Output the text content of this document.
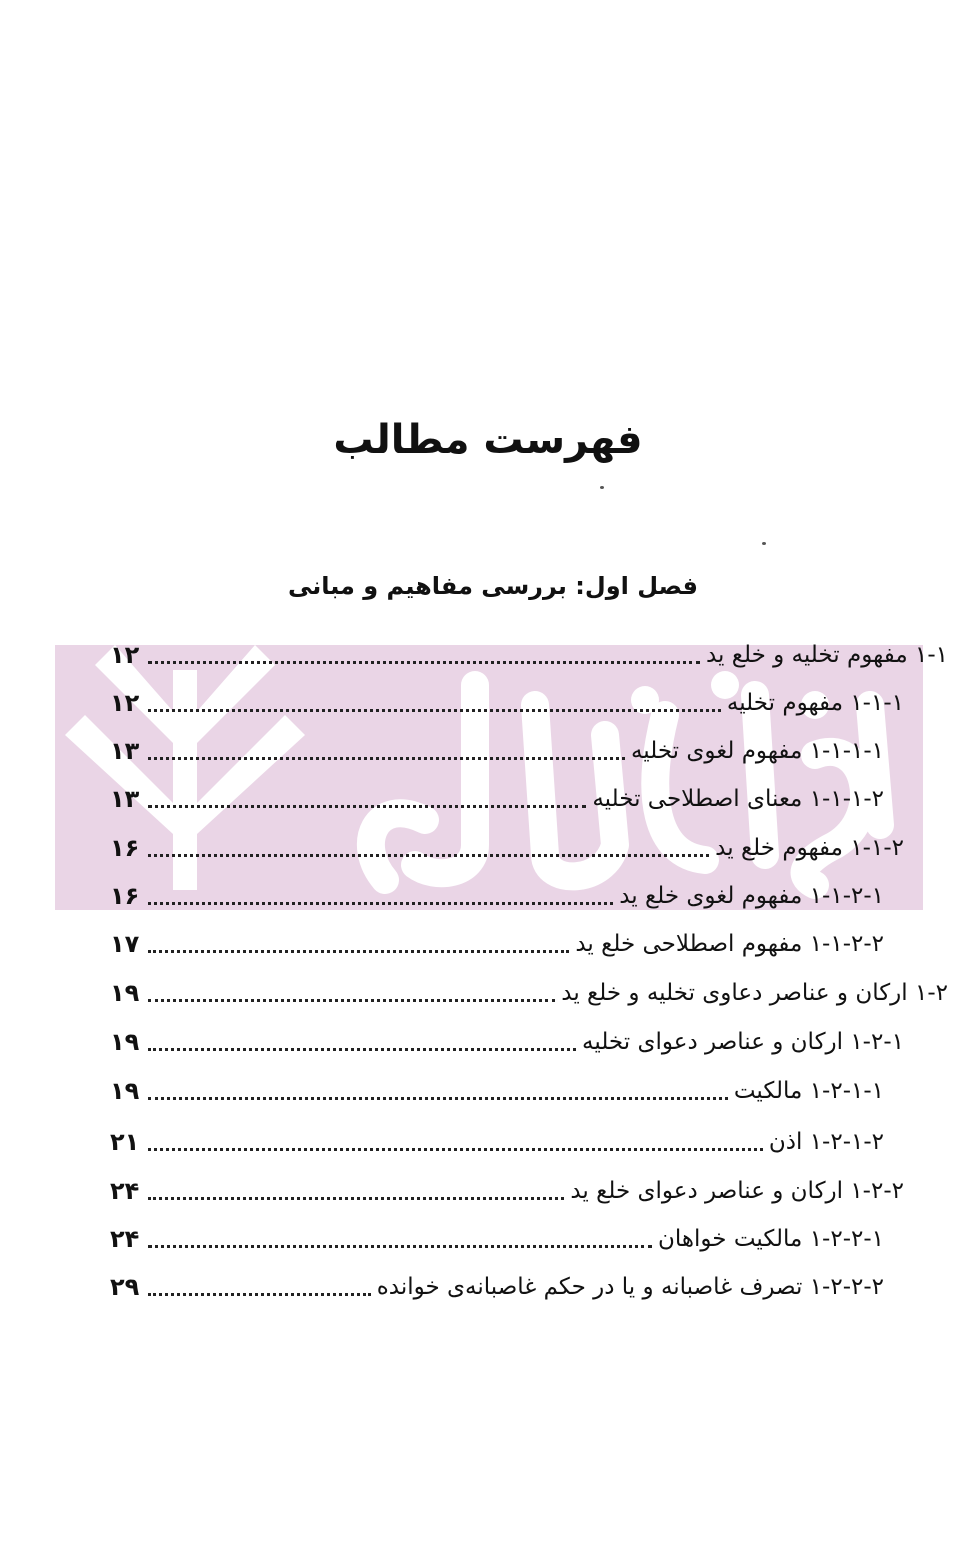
فهرست مطالب
فصل اول: بررسی مفاهیم و مبانی
۱۲	۱-۱ مفهوم تخلیه و خلع ید
۱۲	۱-۱-۱ مفهوم تخلیه
۱۳	۱-۱-۱-۱ مفهوم لغوی تخلیه
۱۳	۱-۱-۱-۲ معنای اصطلاحی تخلیه
۱۶	۱-۱-۲ مفهوم خلع ید
۱۶	۱-۱-۲-۱ مفهوم لغوی خلع ید
۱۷	۱-۱-۲-۲ مفهوم اصطلاحی خلع ید
۱۹	۱-۲ ارکان و عناصر دعاوی تخلیه و خلع ید
۱۹	۱-۲-۱ ارکان و عناصر دعوای تخلیه
۱۹	۱-۲-۱-۱ مالکیت
۲۱	۱-۲-۱-۲ اذن
۲۴	۱-۲-۲ ارکان و عناصر دعوای خلع ید
۲۴	۱-۲-۲-۱ مالکیت خواهان
۲۹	۱-۲-۲-۲ تصرف غاصبانه و یا در حکم غاصبانه‌ی خوانده
